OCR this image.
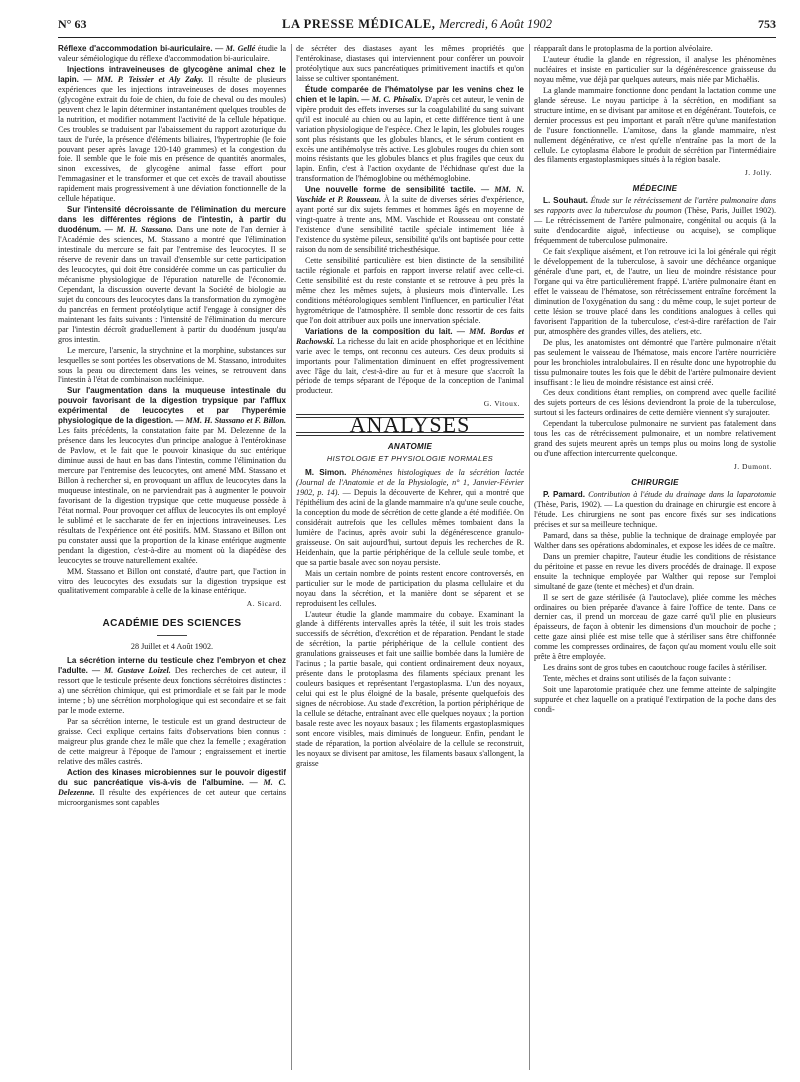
N° 63	LA PRESSE MÉDICALE, Mercredi, 6 Août 1902	753

Réflexe d'accommodation bi-auriculaire. — M. Gellé étudie la valeur séméiologique du réflexe d'accommodation bi-auriculaire.

Injections intraveineuses de glycogène animal chez le lapin. — MM. P. Teissier et Aly Zaky. Il résulte de plusieurs expériences que les injections intraveineuses de doses moyennes (glycogène extrait du foie de chien, du foie de cheval ou des moules) peuvent chez le lapin déterminer instantanément quelques troubles de la nutrition, et modifier notamment l'activité de la cellule hépatique. Ces troubles se traduisent par l'abaissement du rapport azoturique du taux de l'urée, la présence d'éléments biliaires, l'hypertrophie (le foie pouvant peser après lavage 120-140 grammes) et la congestion du foie. Il semble que le foie mis en présence de quantités anormales, sinon excessives, de glycogène animal fasse effort pour l'emmagasiner et le transformer et que cet excès de travail aboutisse rapidement mais progressivement à une déviation fonctionnelle de la cellule hépatique.

Sur l'intensité décroissante de l'élimination du mercure dans les différentes régions de l'intestin, à partir du duodénum. — M. H. Stassano. Dans une note de l'an dernier à l'Académie des sciences, M. Stassano a montré que l'élimination intestinale du mercure se fait par l'entremise des leucocytes. Il se réserve de revenir dans un travail d'ensemble sur cette participation des leucocytes, qui doit être considérée comme un cas particulier du mécanisme physiologique de l'épuration naturelle de l'économie. Cependant, la discussion ouverte devant la Société de biologie au sujet du concours des leucocytes dans la transformation du zymogène du pancréas en ferment protéolytique actif l'engage à consigner dès maintenant les faits suivants : l'intensité de l'élimination du mercure par l'intestin décroît graduellement à partir du duodénum jusqu'au gros intestin.

Le mercure, l'arsenic, la strychnine et la morphine, substances sur lesquelles se sont portées les observations de M. Stassano, introduites sous la peau ou directement dans les veines, se retrouvent dans l'intestin à l'état de combinaison nucléinique.

Sur l'augmentation dans la muqueuse intestinale du pouvoir favorisant de la digestion trypsique par l'afflux expérimental de leucocytes et par l'hyperémie physiologique de la digestion. — MM. H. Stassano et F. Billon. Les faits précédents, la constatation faite par M. Delezenne de la présence dans les leucocytes d'un principe analogue à l'entérokinase de Pavlow, et le fait que le pouvoir kinasique du suc entérique diminue aussi de haut en bas dans l'intestin, comme l'élimination du mercure par l'entremise des leucocytes, ont amené MM. Stassano et Billon à rechercher si, en provoquant un afflux de leucocytes dans la muqueuse intestinale, on ne parviendrait pas à augmenter le pouvoir favorisant de la digestion trypsique que cette muqueuse possède à l'état normal. Pour provoquer cet afflux de leucocytes ils ont employé le sublimé et le saccharate de fer en injections intraveineuses. Les résultats de l'expérience ont été positifs. MM. Stassano et Billon ont pu constater aussi que la proportion de la kinase entérique augmente pendant la digestion, c'est-à-dire au moment où la diapédèse des leucocytes se trouve naturellement exaltée.

MM. Stassano et Billon ont constaté, d'autre part, que l'action in vitro des leucocytes des exsudats sur la digestion trypsique est qualitativement comparable à celle de la kinase entérique.

A. Sicard.
ACADÉMIE DES SCIENCES
28 Juillet et 4 Août 1902.

La sécrétion interne du testicule chez l'embryon et chez l'adulte. — M. Gustave Loizel. Des recherches de cet auteur, il ressort que le testicule présente deux fonctions sécrétoires distinctes : a) une sécrétion chimique, qui est primordiale et se fait par le mode interne ; b) une sécrétion morphologique qui est secondaire et se fait par le mode externe.

Par sa sécrétion interne, le testicule est un grand destructeur de graisse. Ceci explique certains faits d'observations bien connus : maigreur plus grande chez le mâle que chez la femelle ; exagération de cette maigreur à l'époque de l'amour ; engraissement et inertie relative des mâles castrés.

Action des kinases microbiennes sur le pouvoir digestif du suc pancréatique vis-à-vis de l'albumine. — M. C. Delezenne. Il résulte des expériences de cet auteur que certains microorganismes sont capables

de sécréter des diastases ayant les mêmes propriétés que l'entérokinase, diastases qui interviennent pour conférer un pouvoir protéolytique aux sucs pancréatiques primitivement inactifs et qu'on laisse se cultiver spontanément.

Étude comparée de l'hématolyse par les venins chez le chien et le lapin. — M. C. Phisalix. D'après cet auteur, le venin de vipère produit des effets inverses sur la coagulabilité du sang suivant qu'il est inoculé au chien ou au lapin, et cette différence tient à une variation physiologique de l'espèce. Chez le lapin, les globules rouges sont plus résistants que les globules blancs, et le sérum contient en excès une antihémolyse très active. Les globules rouges du chien sont moins résistants que les globules blancs et plus fragiles que ceux du lapin. Enfin, c'est à l'action oxydante de l'échidnase qu'est due la transformation de l'hémoglobine ou méthémoglobine.

Une nouvelle forme de sensibilité tactile. — MM. N. Vaschide et P. Rousseau. À la suite de diverses séries d'expérience, ayant porté sur dix sujets femmes et hommes âgés en moyenne de vingt-quatre à trente ans, MM. Vaschide et Rousseau ont constaté l'existence d'une sensibilité tactile spéciale intimement liée à l'existence du système pileux, sensibilité qu'ils ont baptisée pour cette raison du nom de sensibilité trichesthésique.

Cette sensibilité particulière est bien distincte de la sensibilité tactile régionale et parfois en rapport inverse relatif avec celle-ci. Cette sensibilité est du reste constante et se retrouve à peu près la même chez les mêmes sujets, à plusieurs mois d'intervalle. Les conditions météorologiques semblent l'influencer, en particulier l'état hygrométrique de l'atmosphère. Il semble donc ressortir de ces faits que l'on doit attribuer aux poils une innervation spéciale.

Variations de la composition du lait. — MM. Bordas et Rachowski. La richesse du lait en acide phosphorique et en lécithine varie avec le temps, ont reconnu ces auteurs. Ces deux produits si importants pour l'alimentation diminuent en effet progressivement avec l'âge du lait, c'est-à-dire au fur et à mesure que s'accroît la période de temps séparant de l'époque de la conception de l'animal producteur.

G. Vitoux.
ANALYSES
ANATOMIE
HISTOLOGIE ET PHYSIOLOGIE NORMALES

M. Simon. Phénomènes histologiques de la sécrétion lactée (Journal de l'Anatomie et de la Physiologie, n° 1, Janvier-Février 1902, p. 14). — Depuis la découverte de Kehrer, qui a montré que l'épithélium des acini de la glande mammaire n'a qu'une seule couche, la conception du mode de sécrétion de cette glande a été modifiée. On considérait autrefois que les cellules mêmes tombaient dans la lumière de l'acinus, après avoir subi la dégénérescence granulo-graisseuse. On sait aujourd'hui, surtout depuis les recherches de R. Heidenhain, que la partie périphérique de la cellule seule tombe, et que sa partie basale avec son noyau persiste.

Mais un certain nombre de points restent encore controversés, en particulier sur le mode de participation du plasma cellulaire et du noyau dans la sécrétion, et la manière dont se séparent et se reproduisent les cellules.

L'auteur étudie la glande mammaire du cobaye. Examinant la glande à différents intervalles après la tétée, il suit les trois stades successifs de sécrétion, d'excrétion et de réparation. Pendant le stade de sécrétion, la partie périphérique de la cellule contient des granulations graisseuses et fait une saillie bombée dans la lumière de l'acinus ; la partie basale, qui contient ordinairement deux noyaux, présente dans le protoplasma des filaments spéciaux prenant les couleurs basiques et représentant l'ergastoplasma. L'un des noyaux, celui qui est le plus éloigné de la basale, présente quelquefois des signes de nécrobiose. Au stade d'excrétion, la portion périphérique de la cellule se détache, entraînant avec elle quelques noyaux ; la portion basale reste avec les noyaux basaux ; les filaments ergastoplasmiques sont encore visibles, mais diminués de longueur. Enfin, pendant le stade de réparation, la portion alvéolaire de la cellule se reconstruit, les noyaux se divisent par amitose, les filaments basaux s'allongent, la graisse

réapparaît dans le protoplasma de la portion alvéolaire.

L'auteur étudie la glande en régression, il analyse les phénomènes nucléaires et insiste en particulier sur la dégénérescence graisseuse du noyau même, vue déjà par quelques auteurs, mais niée par Michaëlis.

La glande mammaire fonctionne donc pendant la lactation comme une glande séreuse. Le noyau participe à la sécrétion, en modifiant sa structure intime, en se divisant par amitose et en dégénérant. Toutefois, ce dernier processus est peu important et paraît n'être qu'une manifestation de l'usure fonctionnelle. L'amitose, dans la glande mammaire, n'est nullement dégénérative, ce n'est qu'elle n'entraîne pas la mort de la cellule. Le cytoplasma élabore le produit de sécrétion par l'intermédiaire des filaments ergastoplasmiques situés à la région basale.

J. Jolly.
MÉDECINE

L. Souhaut. Étude sur le rétrécissement de l'artère pulmonaire dans ses rapports avec la tuberculose du poumon (Thèse, Paris, Juillet 1902). — Le rétrécissement de l'artère pulmonaire, congénital ou acquis (à la suite d'endocardite aiguë, infectieuse ou acquise), se complique fréquemment de tuberculose pulmonaire.

Ce fait s'explique aisément, et l'on retrouve ici la loi générale qui régit le développement de la tuberculose, à savoir une déchéance organique générale d'une part, et, de l'autre, un lieu de moindre résistance pour l'organe qui va être particulièrement frappé. L'artère pulmonaire étant en effet le vaisseau de l'hématose, son rétrécissement entraîne forcément la diminution de l'oxygénation du sang : du même coup, le sujet porteur de cette lésion se trouve placé dans les conditions analogues à celles qui favorisent l'apparition de la tuberculose, c'est-à-dire raréfaction de l'air pur, atmosphère des grandes villes, des ateliers, etc.

De plus, les anatomistes ont démontré que l'artère pulmonaire n'était pas seulement le vaisseau de l'hématose, mais encore l'artère nourricière pour les bronchioles intralobulaires. Il en résulte donc une hypotrophie du tissu pulmonaire toutes les fois que le débit de l'artère pulmonaire devient insuffisant : le lieu de moindre résistance est ainsi créé.

Ces deux conditions étant remplies, on comprend avec quelle facilité des sujets porteurs de ces lésions deviendront la proie de la tuberculose, surtout si les facteurs ordinaires de cette dernière viennent s'y surajouter.

Cependant la tuberculose pulmonaire ne survient pas fatalement dans tous les cas de rétrécissement pulmonaire, et un nombre relativement grand des sujets meurent après un temps plus ou moins long de systolie ou d'une affection intercurrente quelconque.

J. Dumont.
CHIRURGIE

P. Pamard. Contribution à l'étude du drainage dans la laparotomie (Thèse, Paris, 1902). — La question du drainage en chirurgie est encore à l'étude. Les chirurgiens ne sont pas encore fixés sur ses indications précises et sur sa meilleure technique.

Pamard, dans sa thèse, publie la technique de drainage employée par Walther dans ses opérations abdominales, et expose les idées de ce maître.

Dans un premier chapitre, l'auteur étudie les conditions de résistance du péritoine et passe en revue les divers procédés de drainage. Il expose ensuite la technique employée par Walther qui repose sur l'emploi simultané de gaze (tente et mèches) et d'un drain.

Il se sert de gaze stérilisée (à l'autoclave), pliée comme les mèches ordinaires ou bien préparée d'avance à faire l'office de tente. Dans ce dernier cas, il prend un morceau de gaze carré qu'il plie en plusieurs épaisseurs, de façon à obtenir les dimensions d'un mouchoir de poche ; cette gaze ainsi pliée est mise telle que à stériliser sans être chiffonnée comme les compresses ordinaires, de façon qu'au moment voulu elle soit prête à être employée.

Les drains sont de gros tubes en caoutchouc rouge faciles à stériliser.

Tente, mèches et drains sont utilisés de la façon suivante :

Soit une laparotomie pratiquée chez une femme atteinte de salpingite suppurée et chez laquelle on a pratiqué l'extirpation de la poche dans des condi-
